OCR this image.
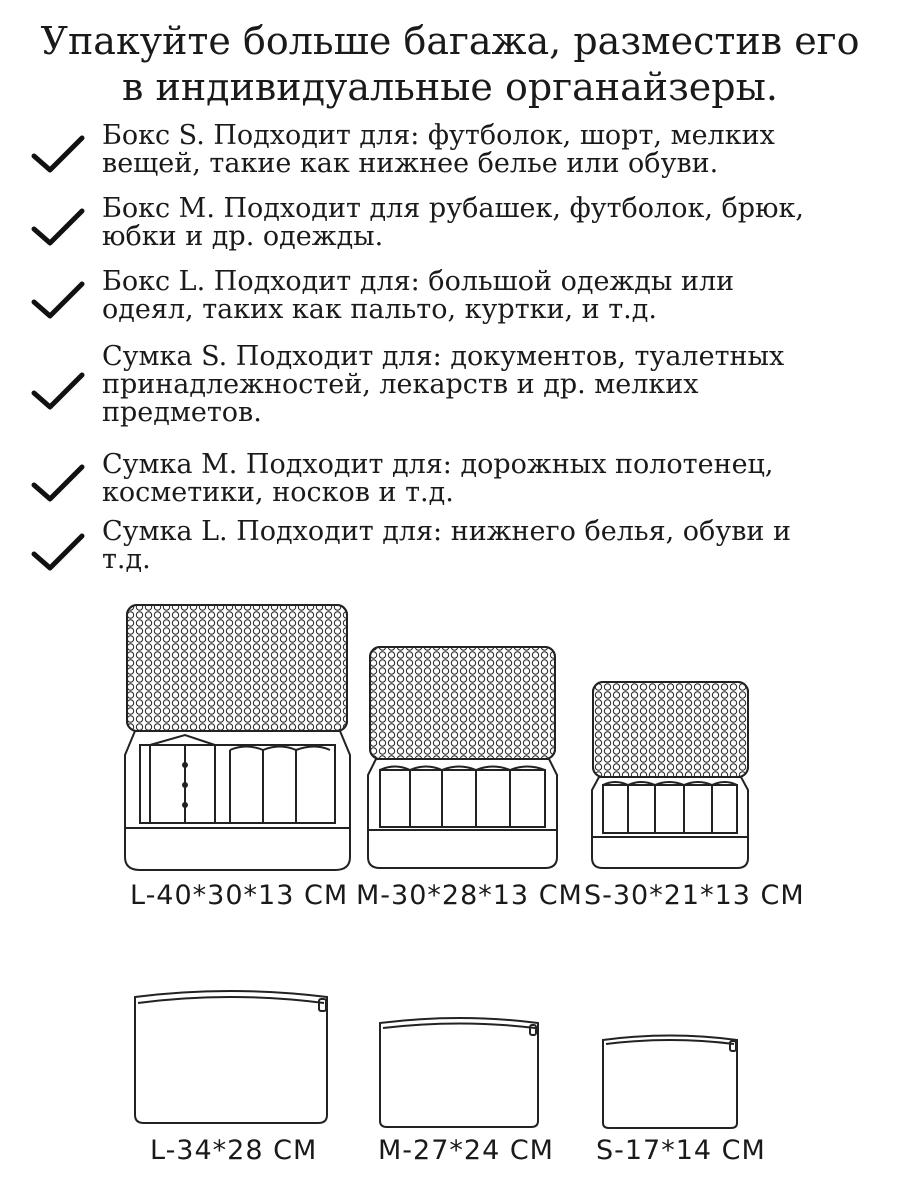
Упакуйте больше багажа, разместив его
в индивидуальные органайзеры.
Бокс S. Подходит для: футболок, шорт, мелких
вещей, такие как нижнее белье или обуви.
Бокс M. Подходит для рубашек, футболок, брюк,
юбки и др. одежды.
Бокс L. Подходит для: большой одежды или
одеял, таких как пальто, куртки, и т.д.
Сумка S. Подходит для: документов, туалетных
принадлежностей, лекарств и др. мелких
предметов.
Сумка M. Подходит для: дорожных полотенец,
косметики, носков и т.д.
Сумка L. Подходит для: нижнего белья, обуви и
т.д.
L-40*30*13 CM M-30*28*13 CM S-30*21*13 CM
L-34*28 CM M-27*24 CM S-17*14 CM
